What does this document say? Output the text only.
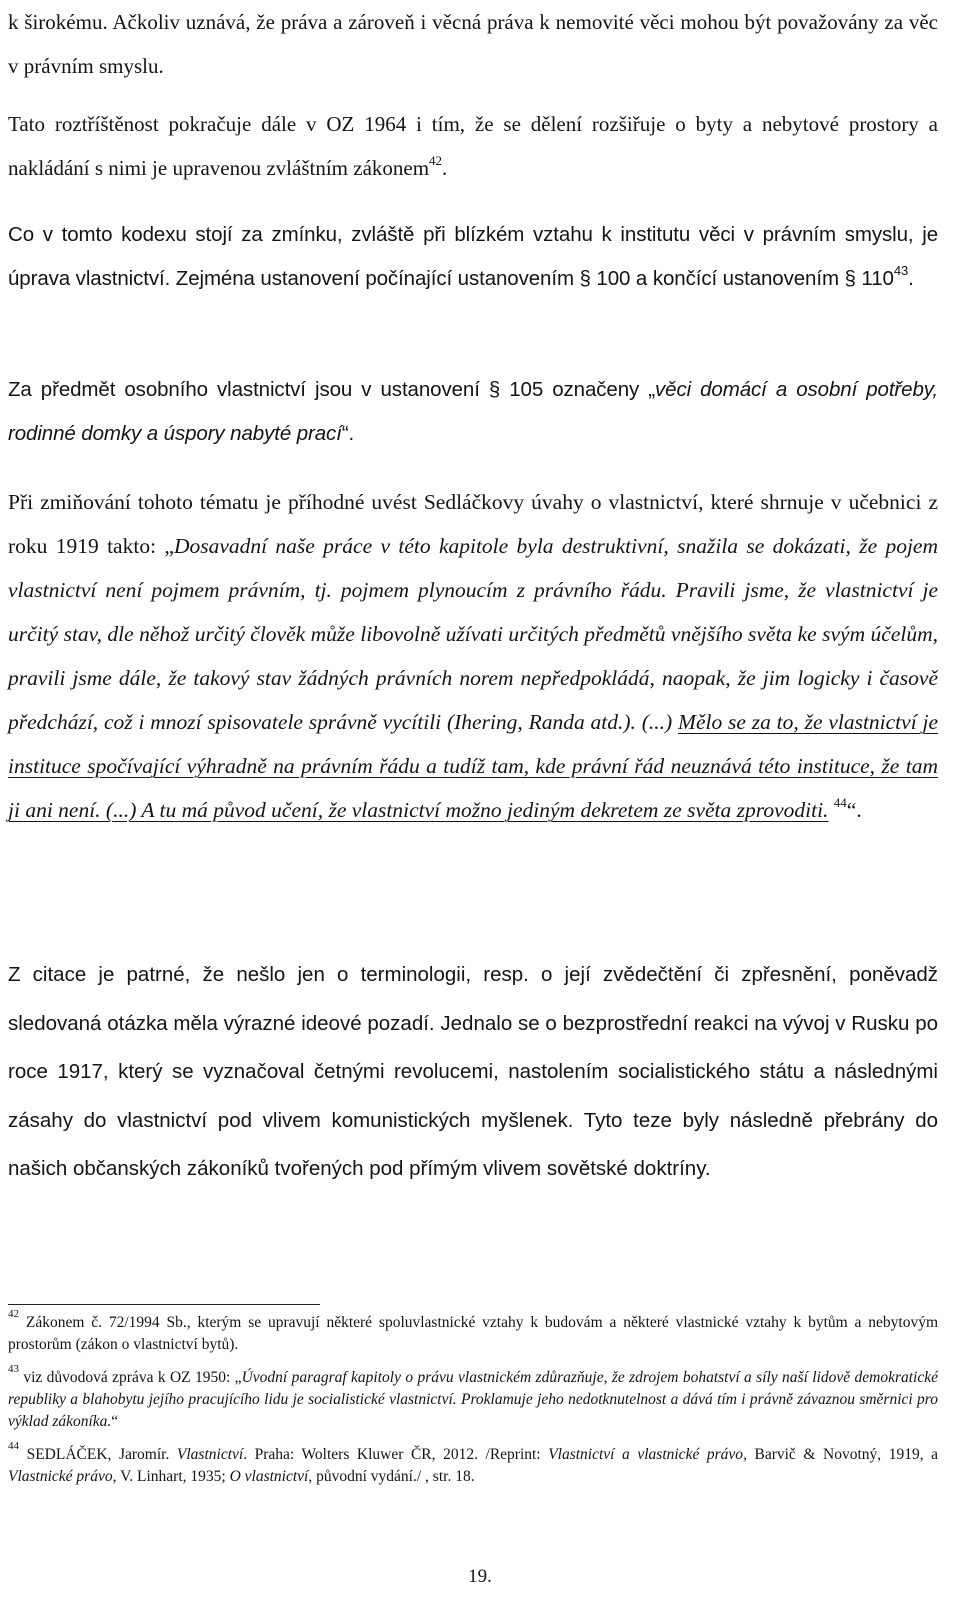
k širokému. Ačkoliv uznává, že práva a zároveň i věcná práva k nemovité věci mohou být považovány za věc v právním smyslu.

Tato roztříštěnost pokračuje dále v OZ 1964 i tím, že se dělení rozšiřuje o byty a nebytové prostory a nakládání s nimi je upravenou zvláštním zákonem$^{42}$.

Co v tomto kodexu stojí za zmínku, zvláště při blízkém vztahu k institutu věci v právním smyslu, je úprava vlastnictví. Zejména ustanovení počínající ustanovením § 100 a končící ustanovením § $110^{43}$.

Za předmět osobního vlastnictví jsou v ustanovení § 105 označeny „věci domácí a osobní potřeby, rodinné domky a úspory nabyté prací“.

Při zmiňování tohoto tématu je příhodné uvést Sedláčkovy úvahy o vlastnictví, které shrnuje v učebnici z roku 1919 takto: „Dosavadní naše práce v této kapitole byla destruktivní, snažila se dokázati, že pojem vlastnictví není pojmem právním, tj. pojmem plynoucím z právního řádu. Pravili jsme, že vlastnictví je určitý stav, dle něhož určitý člověk může libovolně užívati určitých předmětů vnějšího světa ke svým účelům, pravili jsme dále, že takový stav žádných právních norem nepředpokládá, naopak, že jim logicky i časově předchází, což i mnozí spisovatele správně vycítili (Ihering, Randa atd.). (...) Mělo se za to, že vlastnictví je instituce spočívající výhradně na právním řádu a tudíž tam, kde právní řád neuznává této instituce, že tam ji ani není. (...) A tu má původ učení, že vlastnictví možno jediným dekretem ze světa zprovoditi. $^{44}$“.

Z citace je patrné, že nešlo jen o terminologii, resp. o její zvědečtění či zpřesnění, poněvadž sledovaná otázka měla výrazné ideové pozadí. Jednalo se o bezprostřední reakci na vývoj v Rusku po roce 1917, který se vyznačoval četnými revolucemi, nastolením socialistického státu a následnými zásahy do vlastnictví pod vlivem komunistických myšlenek. Tyto teze byly následně přebrány do našich občanských zákoníků tvořených pod přímým vlivem sovětské doktríny.

$^{42}$ Zákonem č. 72/1994 Sb., kterým se upravují některé spoluvlastnické vztahy k budovám a některé vlastnické vztahy k bytům a nebytovým prostorům (zákon o vlastnictví bytů).

$^{43}$ viz důvodová zpráva k OZ 1950: „Úvodní paragraf kapitoly o právu vlastnickém zdůrazňuje, že zdrojem bohatství a síly naší lidově demokratické republiky a blahobytu jejího pracujícího lidu je socialistické vlastnictví. Proklamuje jeho nedotknutelnost a dává tím i právně závaznou směrnici pro výklad zákoníka.“

$^{44}$ SEDLÁČEK, Jaromír. Vlastnictví. Praha: Wolters Kluwer ČR, 2012. /Reprint: Vlastnictví a vlastnické právo, Barvič & Novotný, 1919, a Vlastnické právo, V. Linhart, 1935; O vlastnictví, původní vydání./ , str. 18.

19.
